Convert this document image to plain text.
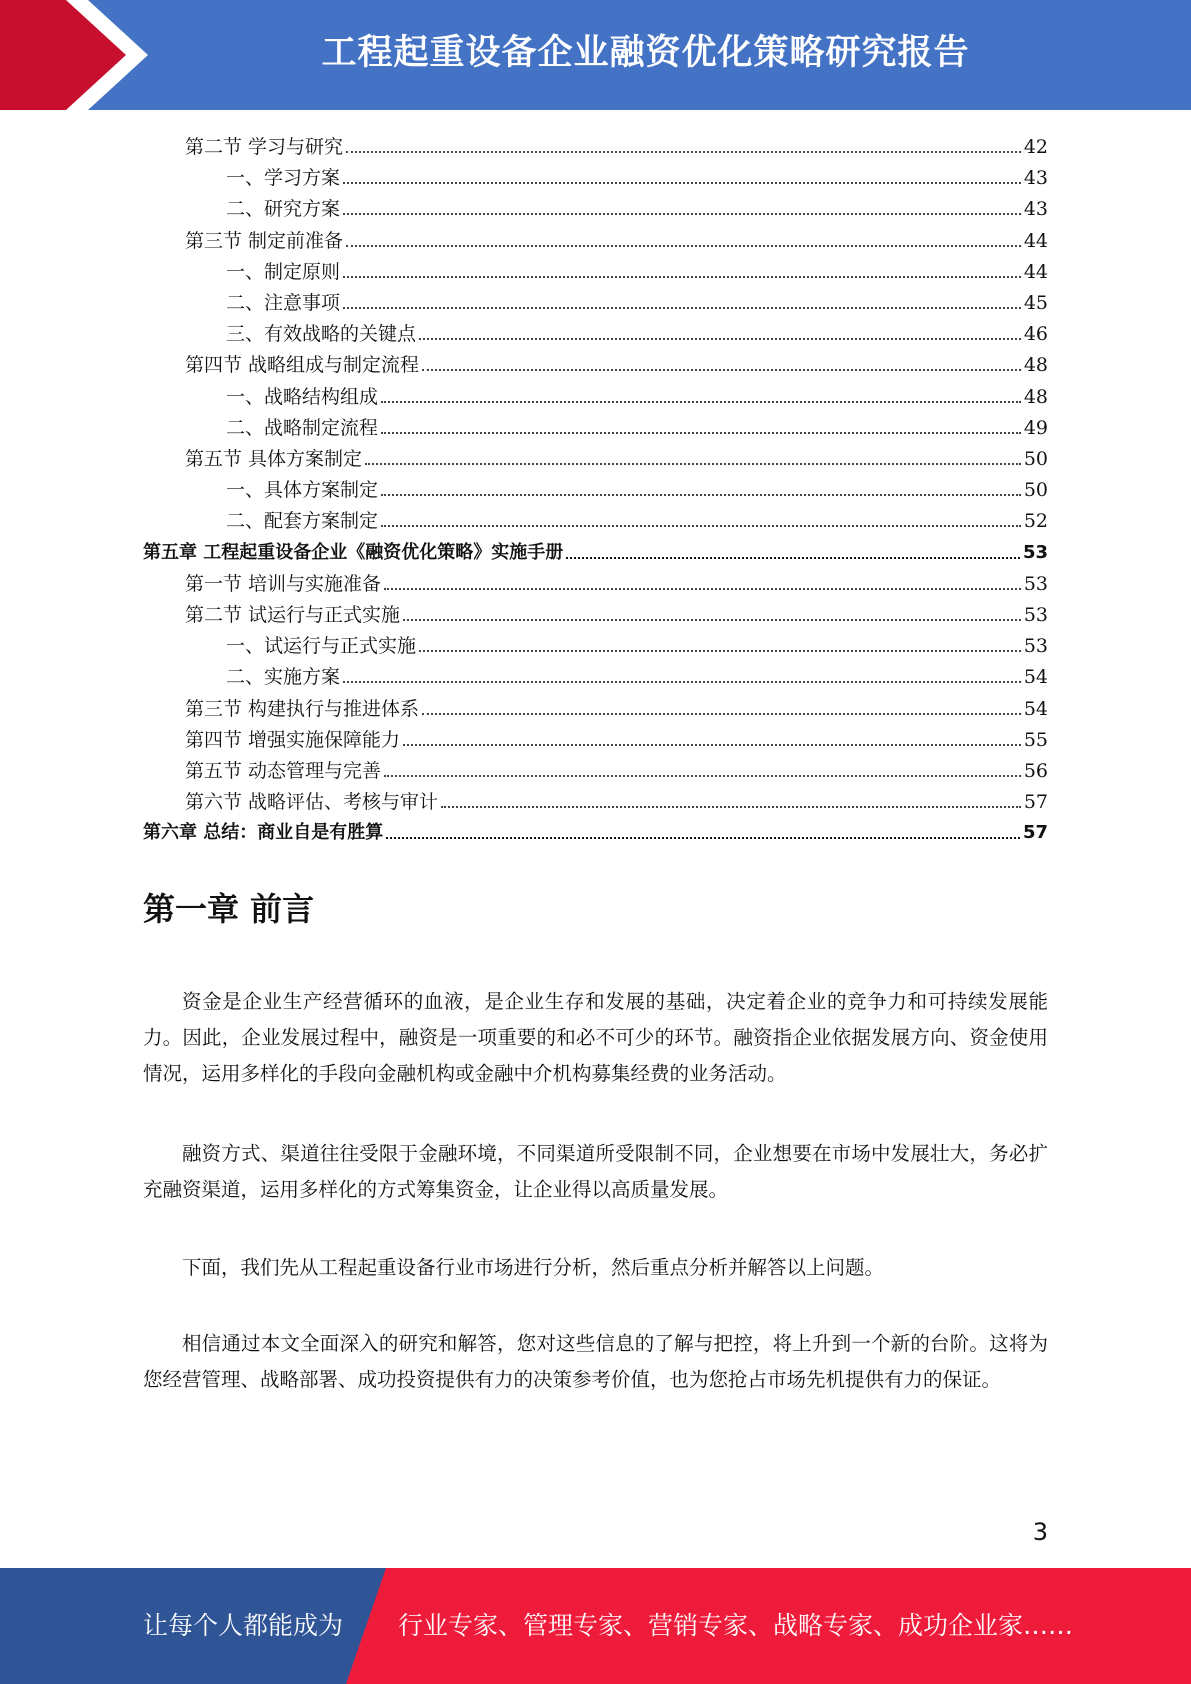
工程起重设备企业融资优化策略研究报告
第二节 学习与研究	42
一、学习方案	43
二、研究方案	43
第三节 制定前准备	44
一、制定原则	44
二、注意事项	45
三、有效战略的关键点	46
第四节 战略组成与制定流程	48
一、战略结构组成	48
二、战略制定流程	49
第五节 具体方案制定	50
一、具体方案制定	50
二、配套方案制定	52
第五章 工程起重设备企业《融资优化策略》实施手册	53
第一节 培训与实施准备	53
第二节 试运行与正式实施	53
一、试运行与正式实施	53
二、实施方案	54
第三节 构建执行与推进体系	54
第四节 增强实施保障能力	55
第五节 动态管理与完善	56
第六节 战略评估、考核与审计	57
第六章 总结：商业自是有胜算	57
第一章 前言

资金是企业生产经营循环的血液，是企业生存和发展的基础，决定着企业的竞争力和可持续发展能力。因此，企业发展过程中，融资是一项重要的和必不可少的环节。融资指企业依据发展方向、资金使用情况，运用多样化的手段向金融机构或金融中介机构募集经费的业务活动。

融资方式、渠道往往受限于金融环境，不同渠道所受限制不同，企业想要在市场中发展壮大，务必扩充融资渠道，运用多样化的方式筹集资金，让企业得以高质量发展。

下面，我们先从工程起重设备行业市场进行分析，然后重点分析并解答以上问题。

相信通过本文全面深入的研究和解答，您对这些信息的了解与把控，将上升到一个新的台阶。这将为您经营管理、战略部署、成功投资提供有力的决策参考价值，也为您抢占市场先机提供有力的保证。

3
让每个人都能成为 行业专家、管理专家、营销专家、战略专家、成功企业家……
